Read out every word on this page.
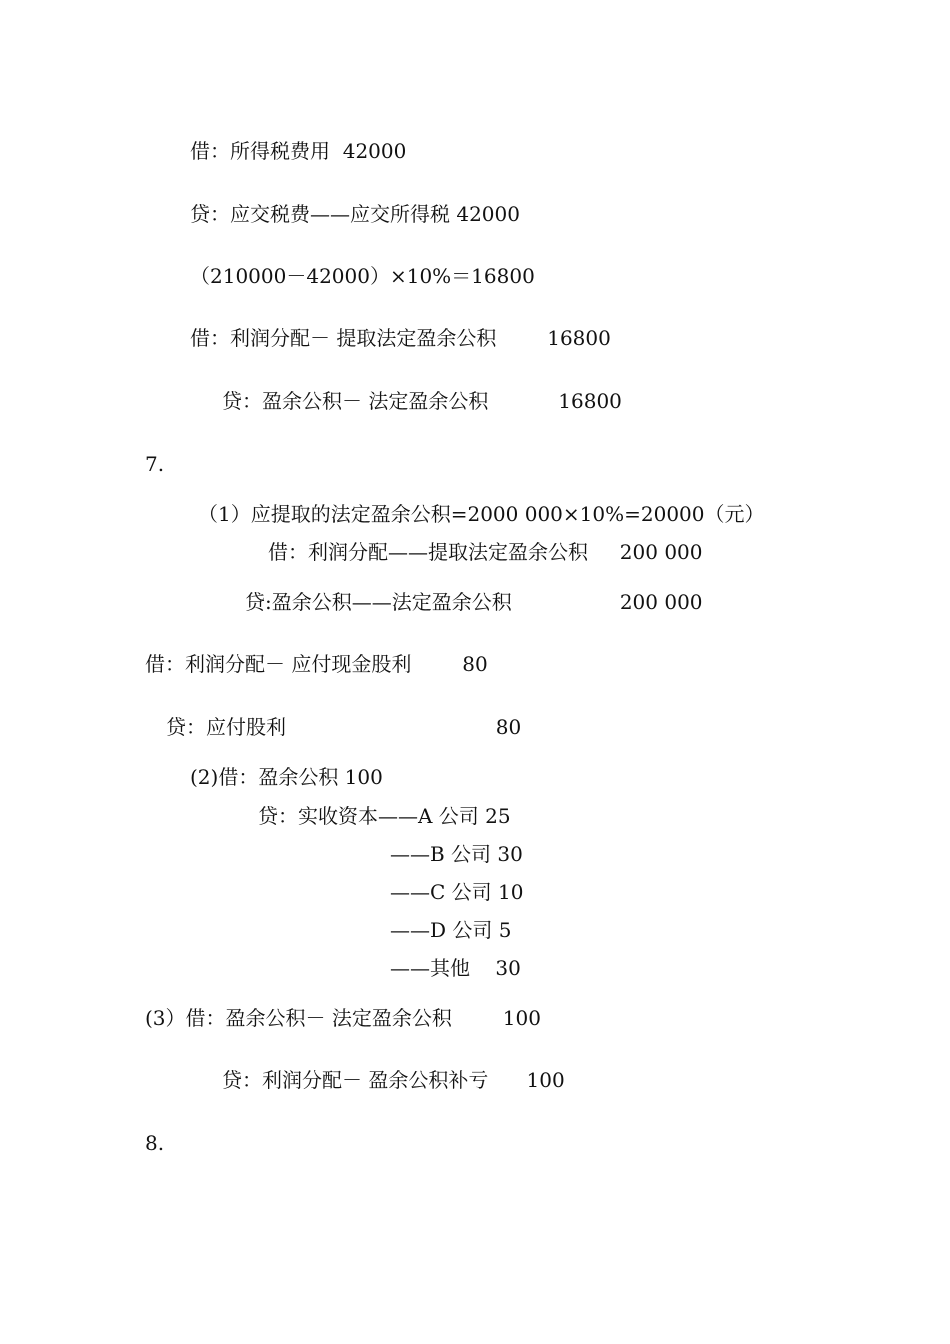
借：所得税费用  42000
贷：应交税费——应交所得税 42000
（210000－42000）×10%＝16800
借：利润分配－ 提取法定盈余公积        16800
贷：盈余公积－ 法定盈余公积           16800
7.
（1）应提取的法定盈余公积=2000 000×10%=20000（元）
借：利润分配——提取法定盈余公积     200 000
贷:盈余公积——法定盈余公积                 200 000
借：利润分配－ 应付现金股利        80
贷：应付股利                                 80
(2)借：盈余公积 100
贷：实收资本——A 公司 25
——B 公司 30
——C 公司 10
——D 公司 5
——其他    30
(3）借：盈余公积－ 法定盈余公积        100
贷：利润分配－ 盈余公积补亏      100
8.
